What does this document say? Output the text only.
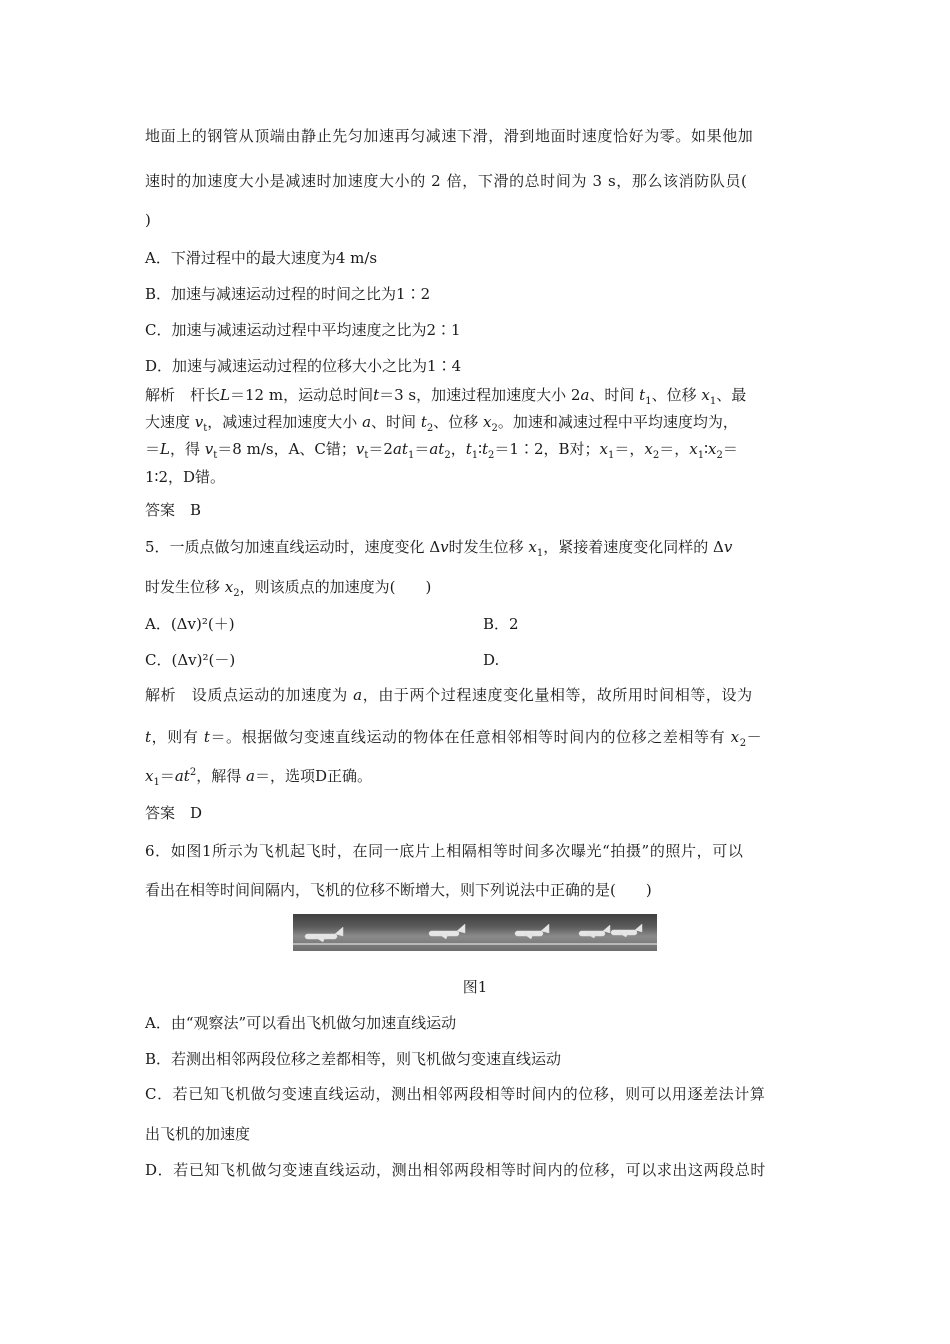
地面上的钢管从顶端由静止先匀加速再匀减速下滑，滑到地面时速度恰好为零。如果他加
速时的加速度大小是减速时加速度大小的 2 倍，下滑的总时间为 3 s，那么该消防队员(
)
A．下滑过程中的最大速度为4 m/s
B．加速与减速运动过程的时间之比为1∶2
C．加速与减速运动过程中平均速度之比为2∶1
D．加速与减速运动过程的位移大小之比为1∶4
解析　杆长L＝12 m，运动总时间t＝3 s，加速过程加速度大小 2a、时间 $t_1$、位移 $x_1$、最
大速度 $v_t$，减速过程加速度大小 a、时间 $t_2$、位移 $x_2$。加速和减速过程中平均速度均为，
＝L，得 $v_t=8$ m/s，A、C错；$v_t=2at_1=at_2$，$t_1∶t_2=1∶2$，B对；$x_1=$，$x_2=$，$x_1∶x_2=$
1∶2，D错。
答案　B
5．一质点做匀加速直线运动时，速度变化 Δv时发生位移 $x_1$，紧接着速度变化同样的 Δv
时发生位移 $x_2$，则该质点的加速度为(　　)
A．(Δv)²(＋)	B．2
C．(Δv)²(－)	D.
解析　设质点运动的加速度为 a，由于两个过程速度变化量相等，故所用时间相等，设为
t，则有 t＝。根据做匀变速直线运动的物体在任意相邻相等时间内的位移之差相等有 $x_2-$
$x_1=at^2$，解得 a＝，选项D正确。
答案　D
6．如图1所示为飞机起飞时，在同一底片上相隔相等时间多次曝光“拍摄”的照片，可以
看出在相等时间间隔内，飞机的位移不断增大，则下列说法中正确的是(　　)
图1
A．由“观察法”可以看出飞机做匀加速直线运动
B．若测出相邻两段位移之差都相等，则飞机做匀变速直线运动
C．若已知飞机做匀变速直线运动，测出相邻两段相等时间内的位移，则可以用逐差法计算
出飞机的加速度
D．若已知飞机做匀变速直线运动，测出相邻两段相等时间内的位移，可以求出这两段总时
